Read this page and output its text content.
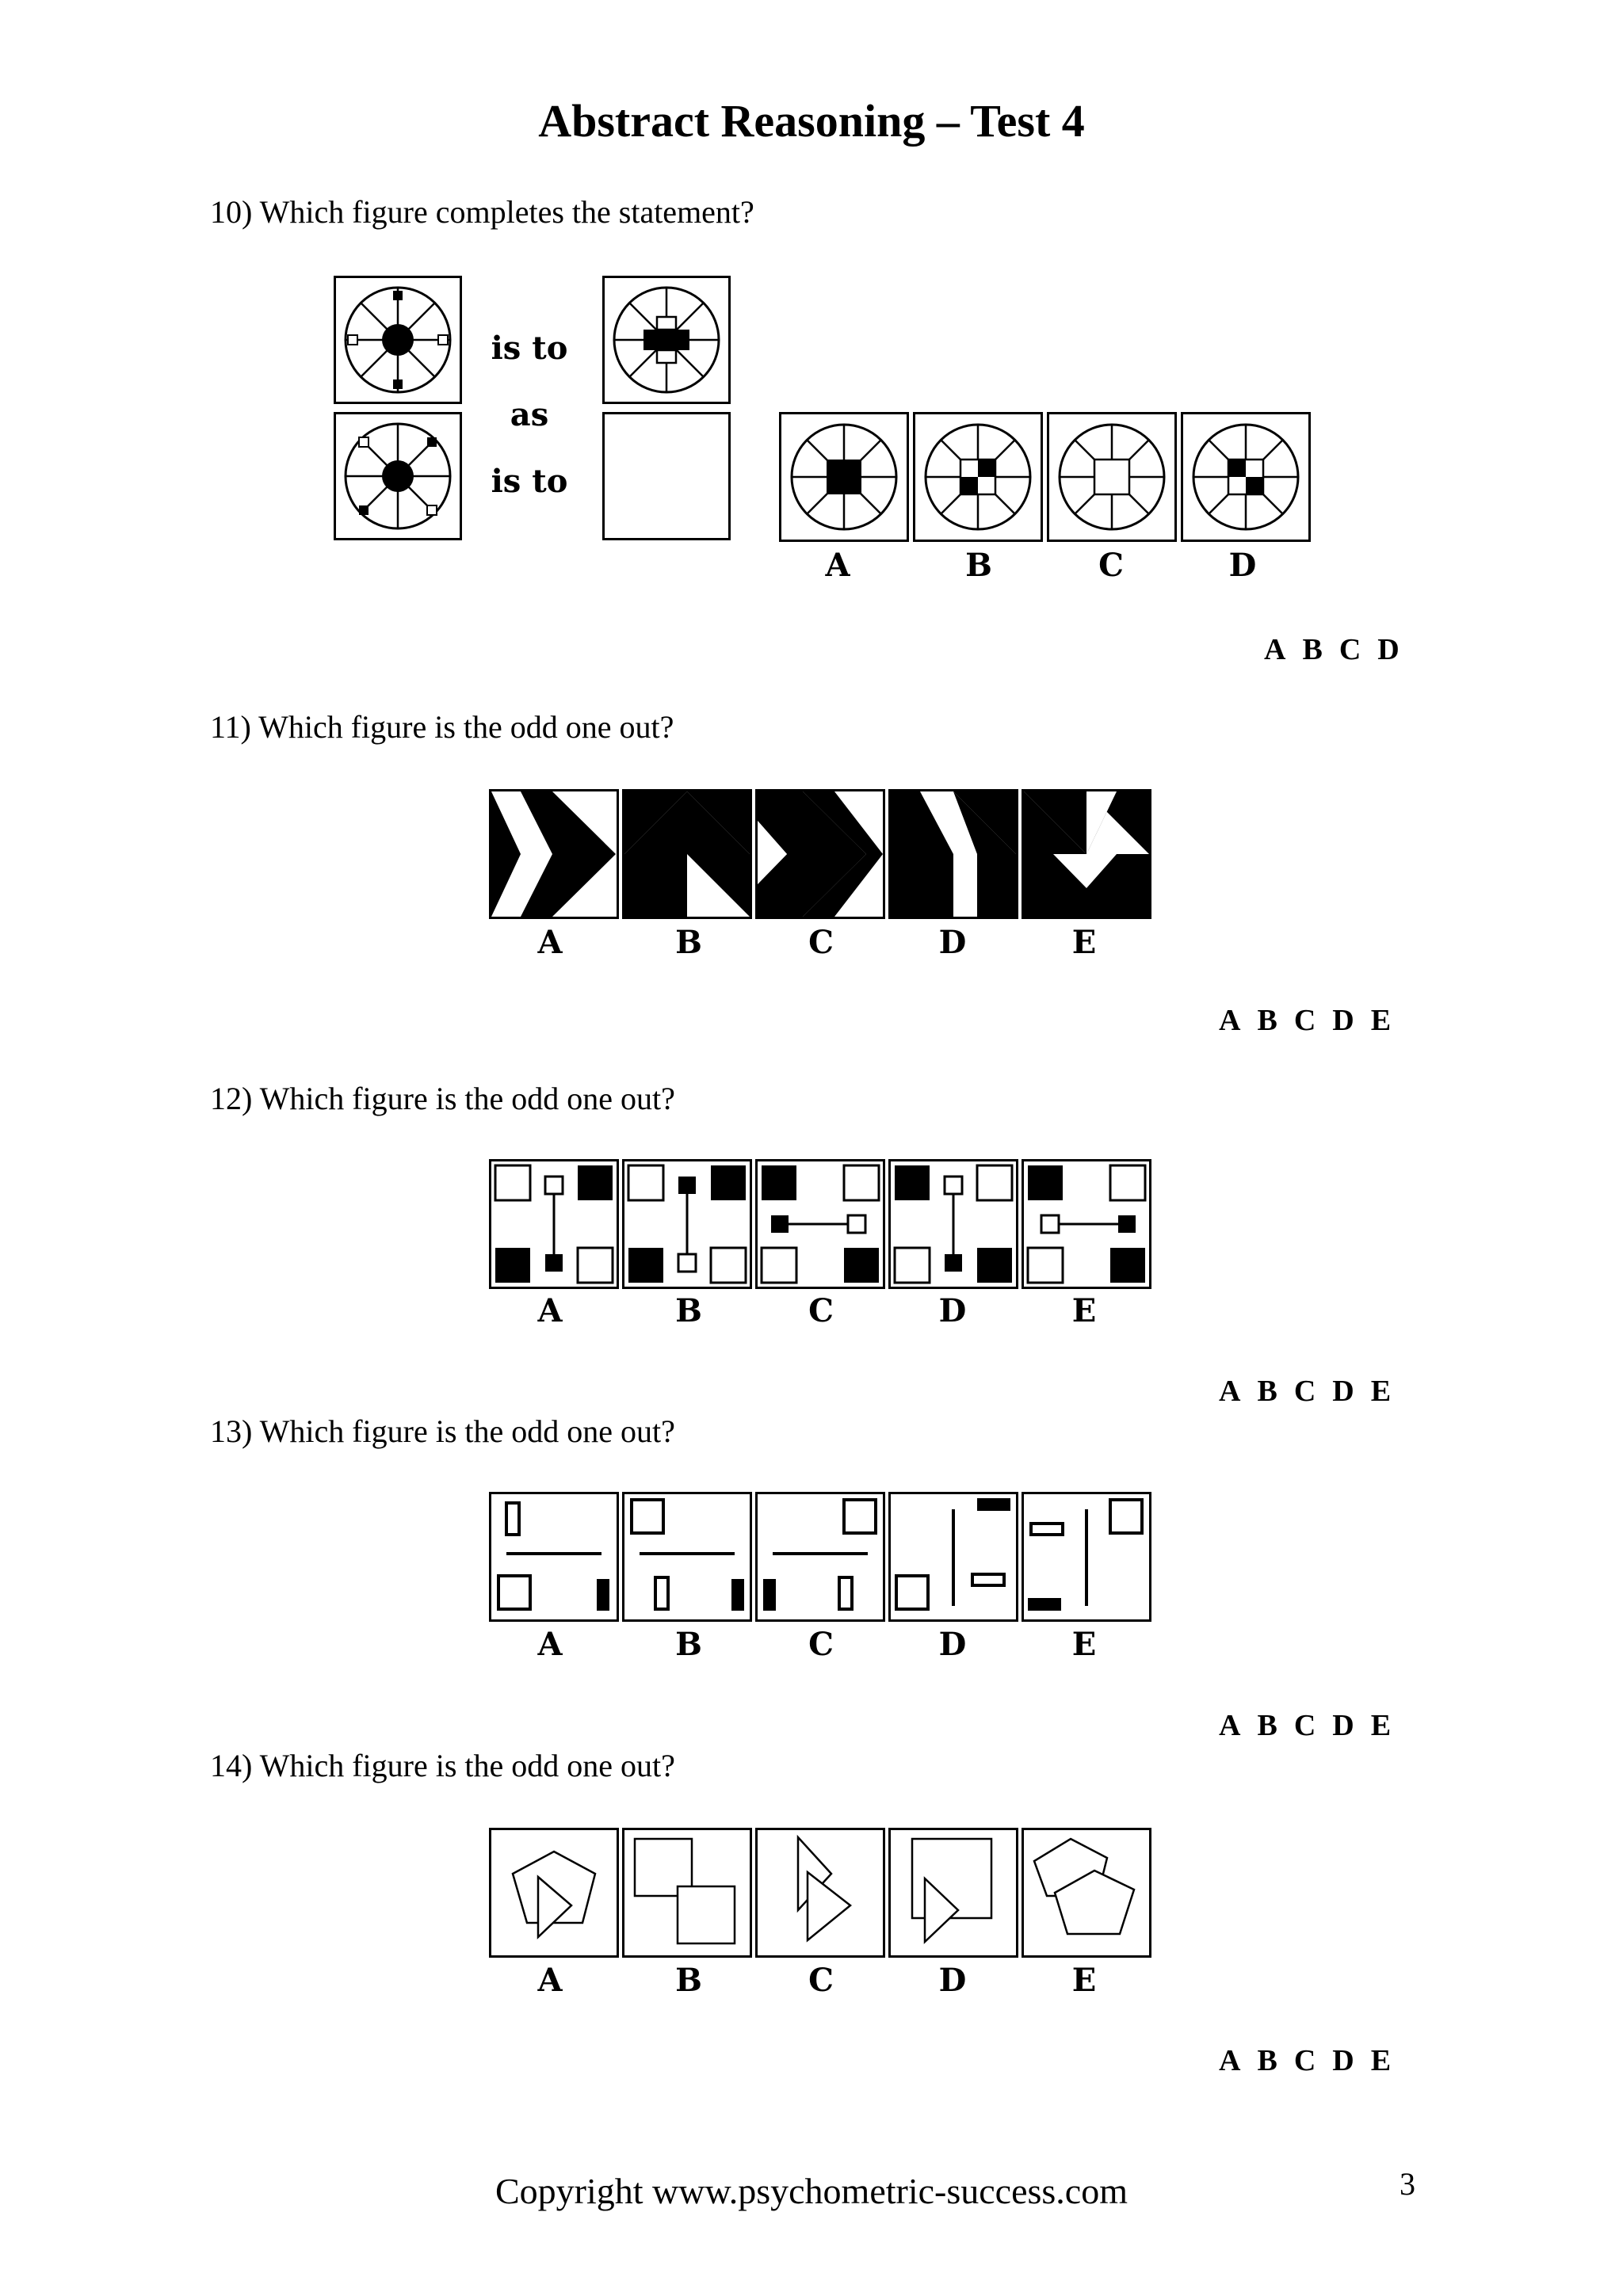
Abstract Reasoning – Test 4
10) Which figure completes the statement?
is to
as
is to
A	B	C	D
A B C D
11) Which figure is the odd one out?
A	B	C	D	E
A B C D E
12) Which figure is the odd one out?
A	B	C	D	E
A B C D E
13) Which figure is the odd one out?
A	B	C	D	E
A B C D E
14) Which figure is the odd one out?
A	B	C	D	E
A B C D E
Copyright www.psychometric-success.com	3
